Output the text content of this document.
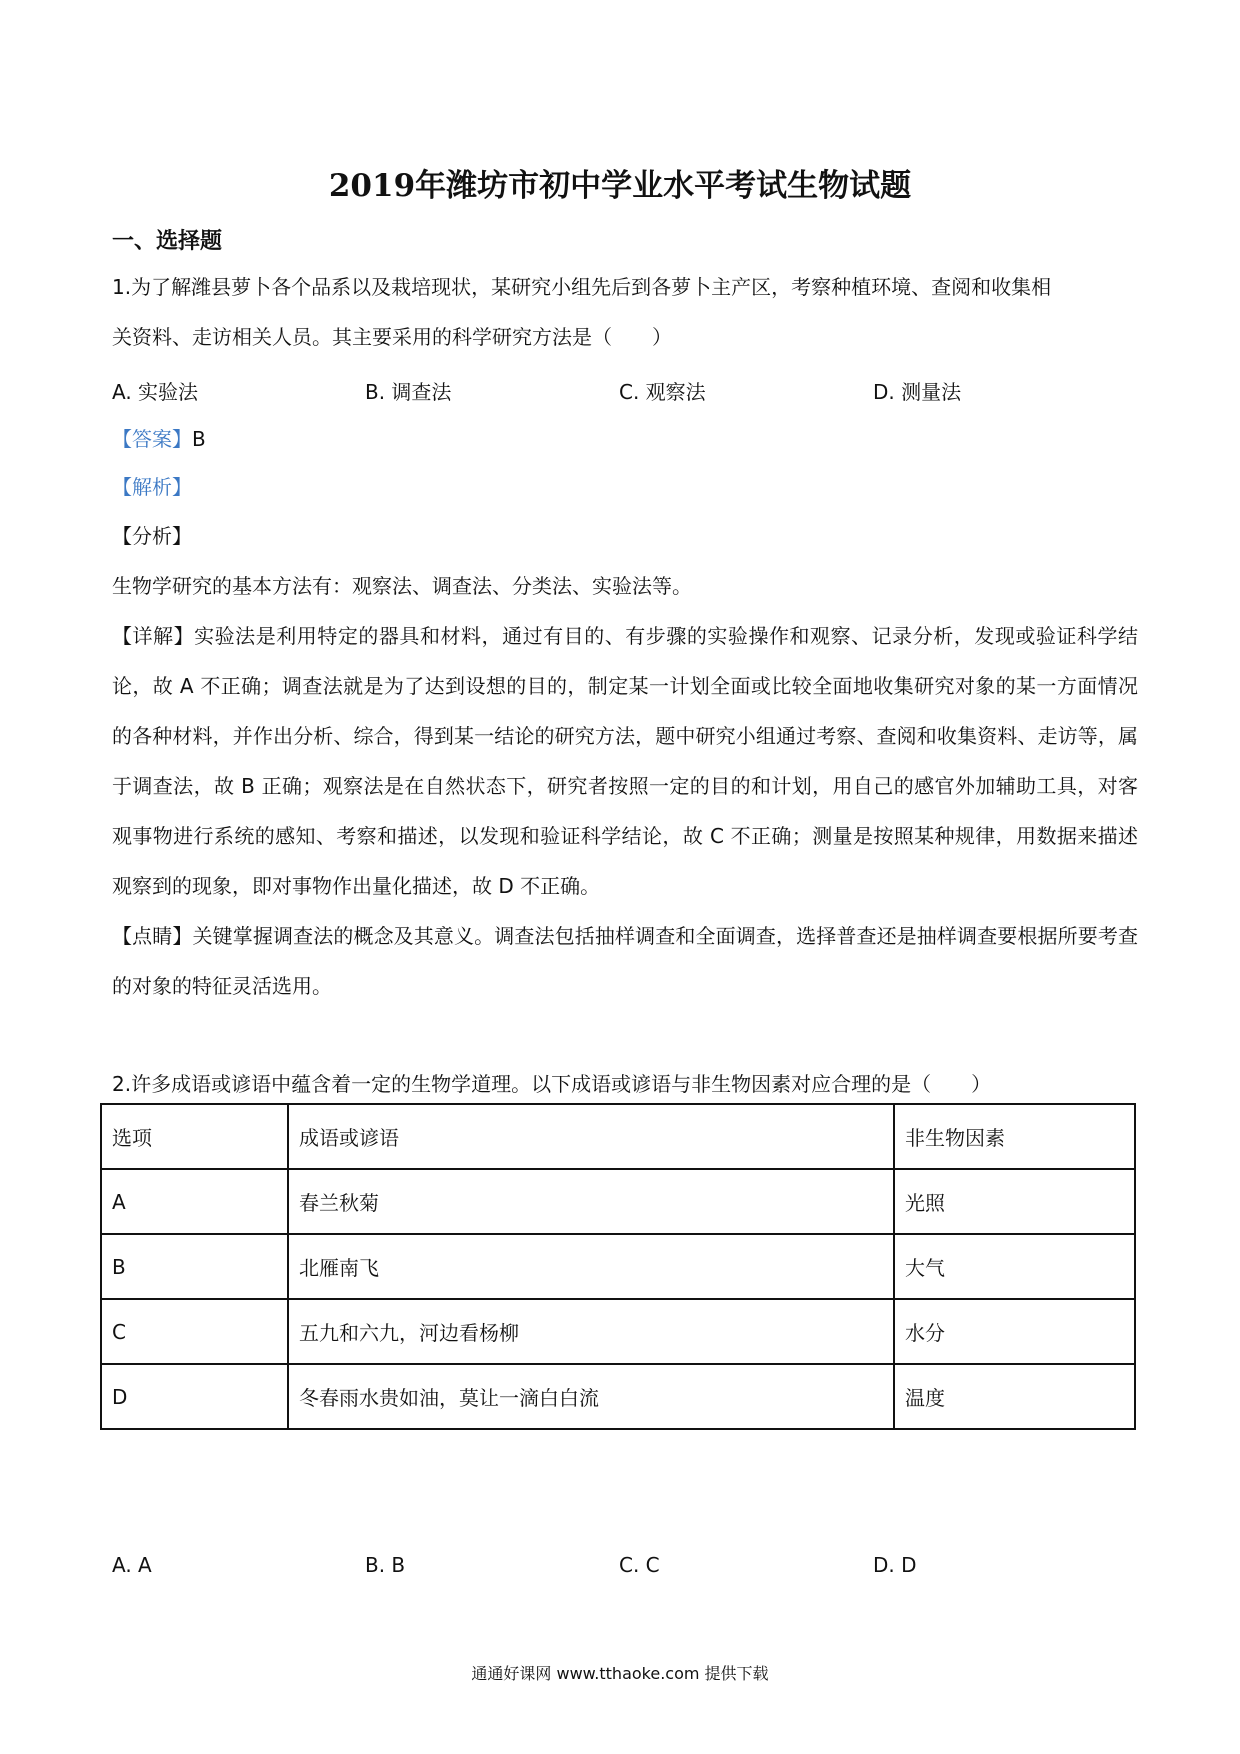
2019年潍坊市初中学业水平考试生物试题
一、选择题
1.为了解潍县萝卜各个品系以及栽培现状，某研究小组先后到各萝卜主产区，考察种植环境、查阅和收集相
关资料、走访相关人员。其主要采用的科学研究方法是（　　）
A. 实验法	B. 调查法	C. 观察法	D. 测量法
【答案】B
【解析】
【分析】
生物学研究的基本方法有：观察法、调查法、分类法、实验法等。
【详解】实验法是利用特定的器具和材料，通过有目的、有步骤的实验操作和观察、记录分析，发现或验证科学结论，故 A 不正确；调查法就是为了达到设想的目的，制定某一计划全面或比较全面地收集研究对象的某一方面情况的各种材料，并作出分析、综合，得到某一结论的研究方法，题中研究小组通过考察、查阅和收集资料、走访等，属于调查法，故 B 正确；观察法是在自然状态下，研究者按照一定的目的和计划，用自己的感官外加辅助工具，对客观事物进行系统的感知、考察和描述，以发现和验证科学结论，故 C 不正确；测量是按照某种规律，用数据来描述观察到的现象，即对事物作出量化描述，故 D 不正确。
【点睛】关键掌握调查法的概念及其意义。调查法包括抽样调查和全面调查，选择普查还是抽样调查要根据所要考查的对象的特征灵活选用。
2.许多成语或谚语中蕴含着一定的生物学道理。以下成语或谚语与非生物因素对应合理的是（　　）
选项	成语或谚语	非生物因素
A	春兰秋菊	光照
B	北雁南飞	大气
C	五九和六九，河边看杨柳	水分
D	冬春雨水贵如油，莫让一滴白白流	温度
A. A	B. B	C. C	D. D
通通好课网 www.tthaoke.com 提供下载
